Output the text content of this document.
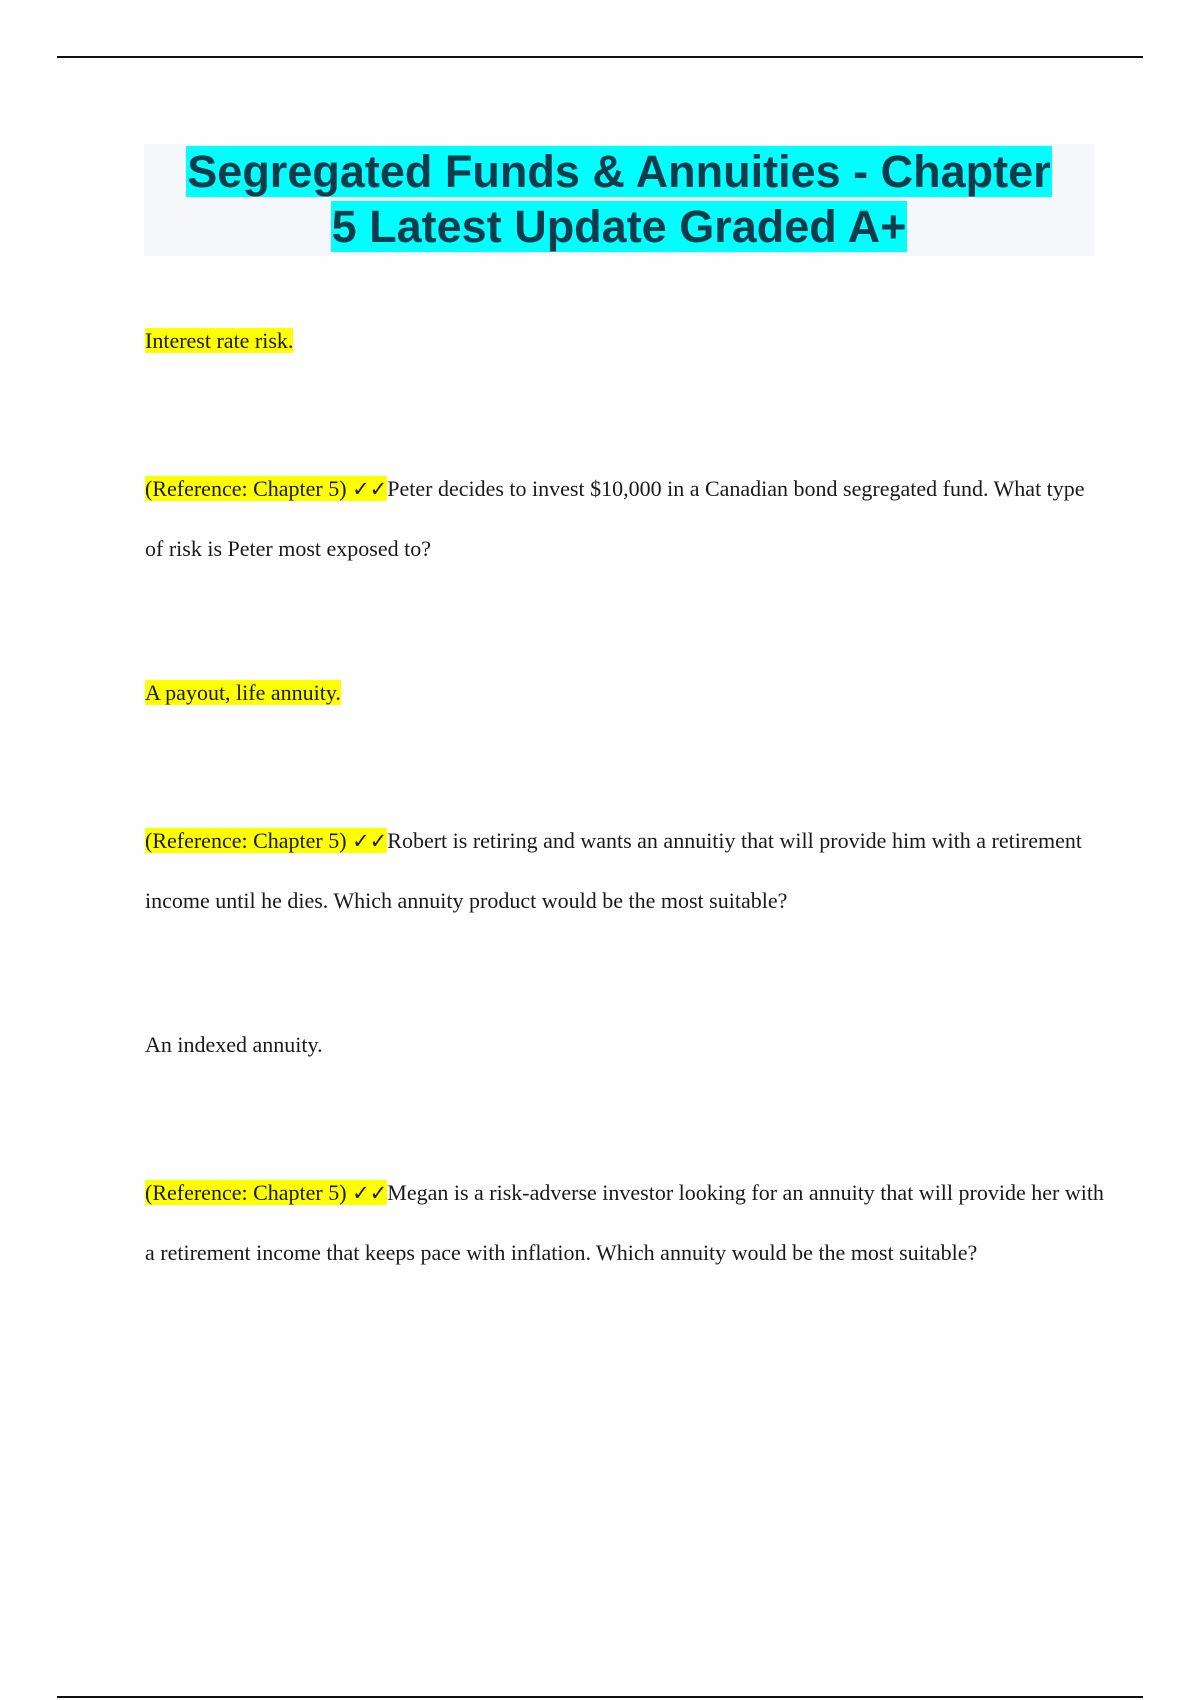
Segregated Funds & Annuities - Chapter
5 Latest Update Graded A+

Interest rate risk.

(Reference: Chapter 5) ✓✓Peter decides to invest $10,000 in a Canadian bond segregated fund. What type of risk is Peter most exposed to?

A payout, life annuity.

(Reference: Chapter 5) ✓✓Robert is retiring and wants an annuitiy that will provide him with a retirement income until he dies. Which annuity product would be the most suitable?

An indexed annuity.

(Reference: Chapter 5) ✓✓Megan is a risk-adverse investor looking for an annuity that will provide her with a retirement income that keeps pace with inflation. Which annuity would be the most suitable?
